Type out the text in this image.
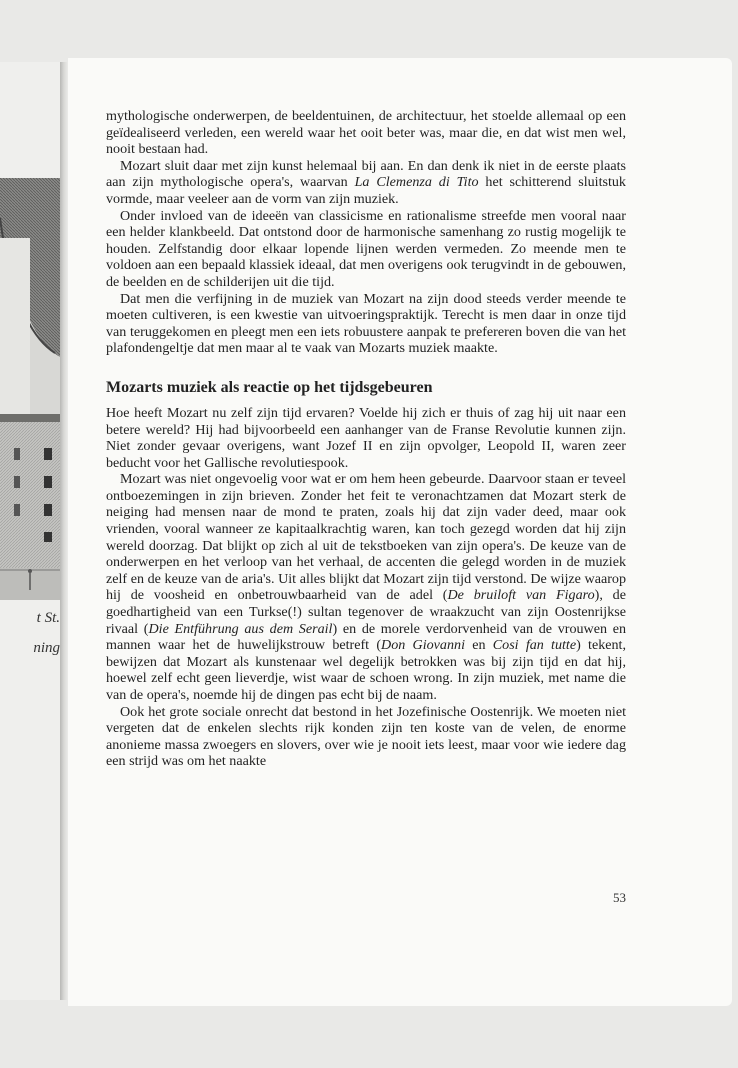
t St.
ning

mythologische onderwerpen, de beeldentuinen, de architectuur, het stoelde allemaal op een geïdealiseerd verleden, een wereld waar het ooit beter was, maar die, en dat wist men wel, nooit bestaan had.

Mozart sluit daar met zijn kunst helemaal bij aan. En dan denk ik niet in de eerste plaats aan zijn mythologische opera's, waarvan La Clemenza di Tito het schitterend sluitstuk vormde, maar veeleer aan de vorm van zijn muziek.

Onder invloed van de ideeën van classicisme en rationalisme streefde men vooral naar een helder klankbeeld. Dat ontstond door de harmonische samenhang zo rustig mogelijk te houden. Zelfstandig door elkaar lopende lijnen werden vermeden. Zo meende men te voldoen aan een bepaald klassiek ideaal, dat men overigens ook terugvindt in de gebouwen, de beelden en de schilderijen uit die tijd.

Dat men die verfijning in de muziek van Mozart na zijn dood steeds verder meende te moeten cultiveren, is een kwestie van uitvoeringspraktijk. Terecht is men daar in onze tijd van teruggekomen en pleegt men een iets robuustere aanpak te prefereren boven die van het plafondengeltje dat men maar al te vaak van Mozarts muziek maakte.

Mozarts muziek als reactie op het tijdsgebeuren

Hoe heeft Mozart nu zelf zijn tijd ervaren? Voelde hij zich er thuis of zag hij uit naar een betere wereld? Hij had bijvoorbeeld een aanhanger van de Franse Revolutie kunnen zijn. Niet zonder gevaar overigens, want Jozef II en zijn opvolger, Leopold II, waren zeer beducht voor het Gallische revolutiespook.

Mozart was niet ongevoelig voor wat er om hem heen gebeurde. Daarvoor staan er teveel ontboezemingen in zijn brieven. Zonder het feit te veronachtzamen dat Mozart sterk de neiging had mensen naar de mond te praten, zoals hij dat zijn vader deed, maar ook vrienden, vooral wanneer ze kapitaalkrachtig waren, kan toch gezegd worden dat hij zijn wereld doorzag. Dat blijkt op zich al uit de tekstboeken van zijn opera's. De keuze van de onderwerpen en het verloop van het verhaal, de accenten die gelegd worden in de muziek zelf en de keuze van de aria's. Uit alles blijkt dat Mozart zijn tijd verstond. De wijze waarop hij de voosheid en onbetrouwbaarheid van de adel (De bruiloft van Figaro), de goedhartigheid van een Turkse(!) sultan tegenover de wraakzucht van zijn Oostenrijkse rivaal (Die Entführung aus dem Serail) en de morele verdorvenheid van de vrouwen en mannen waar het de huwelijkstrouw betreft (Don Giovanni en Cosi fan tutte) tekent, bewijzen dat Mozart als kunstenaar wel degelijk betrokken was bij zijn tijd en dat hij, hoewel zelf echt geen lieverdje, wist waar de schoen wrong. In zijn muziek, met name die van de opera's, noemde hij de dingen pas echt bij de naam.

Ook het grote sociale onrecht dat bestond in het Jozefinische Oostenrijk. We moeten niet vergeten dat de enkelen slechts rijk konden zijn ten koste van de velen, de enorme anonieme massa zwoegers en slovers, over wie je nooit iets leest, maar voor wie iedere dag een strijd was om het naakte

53
